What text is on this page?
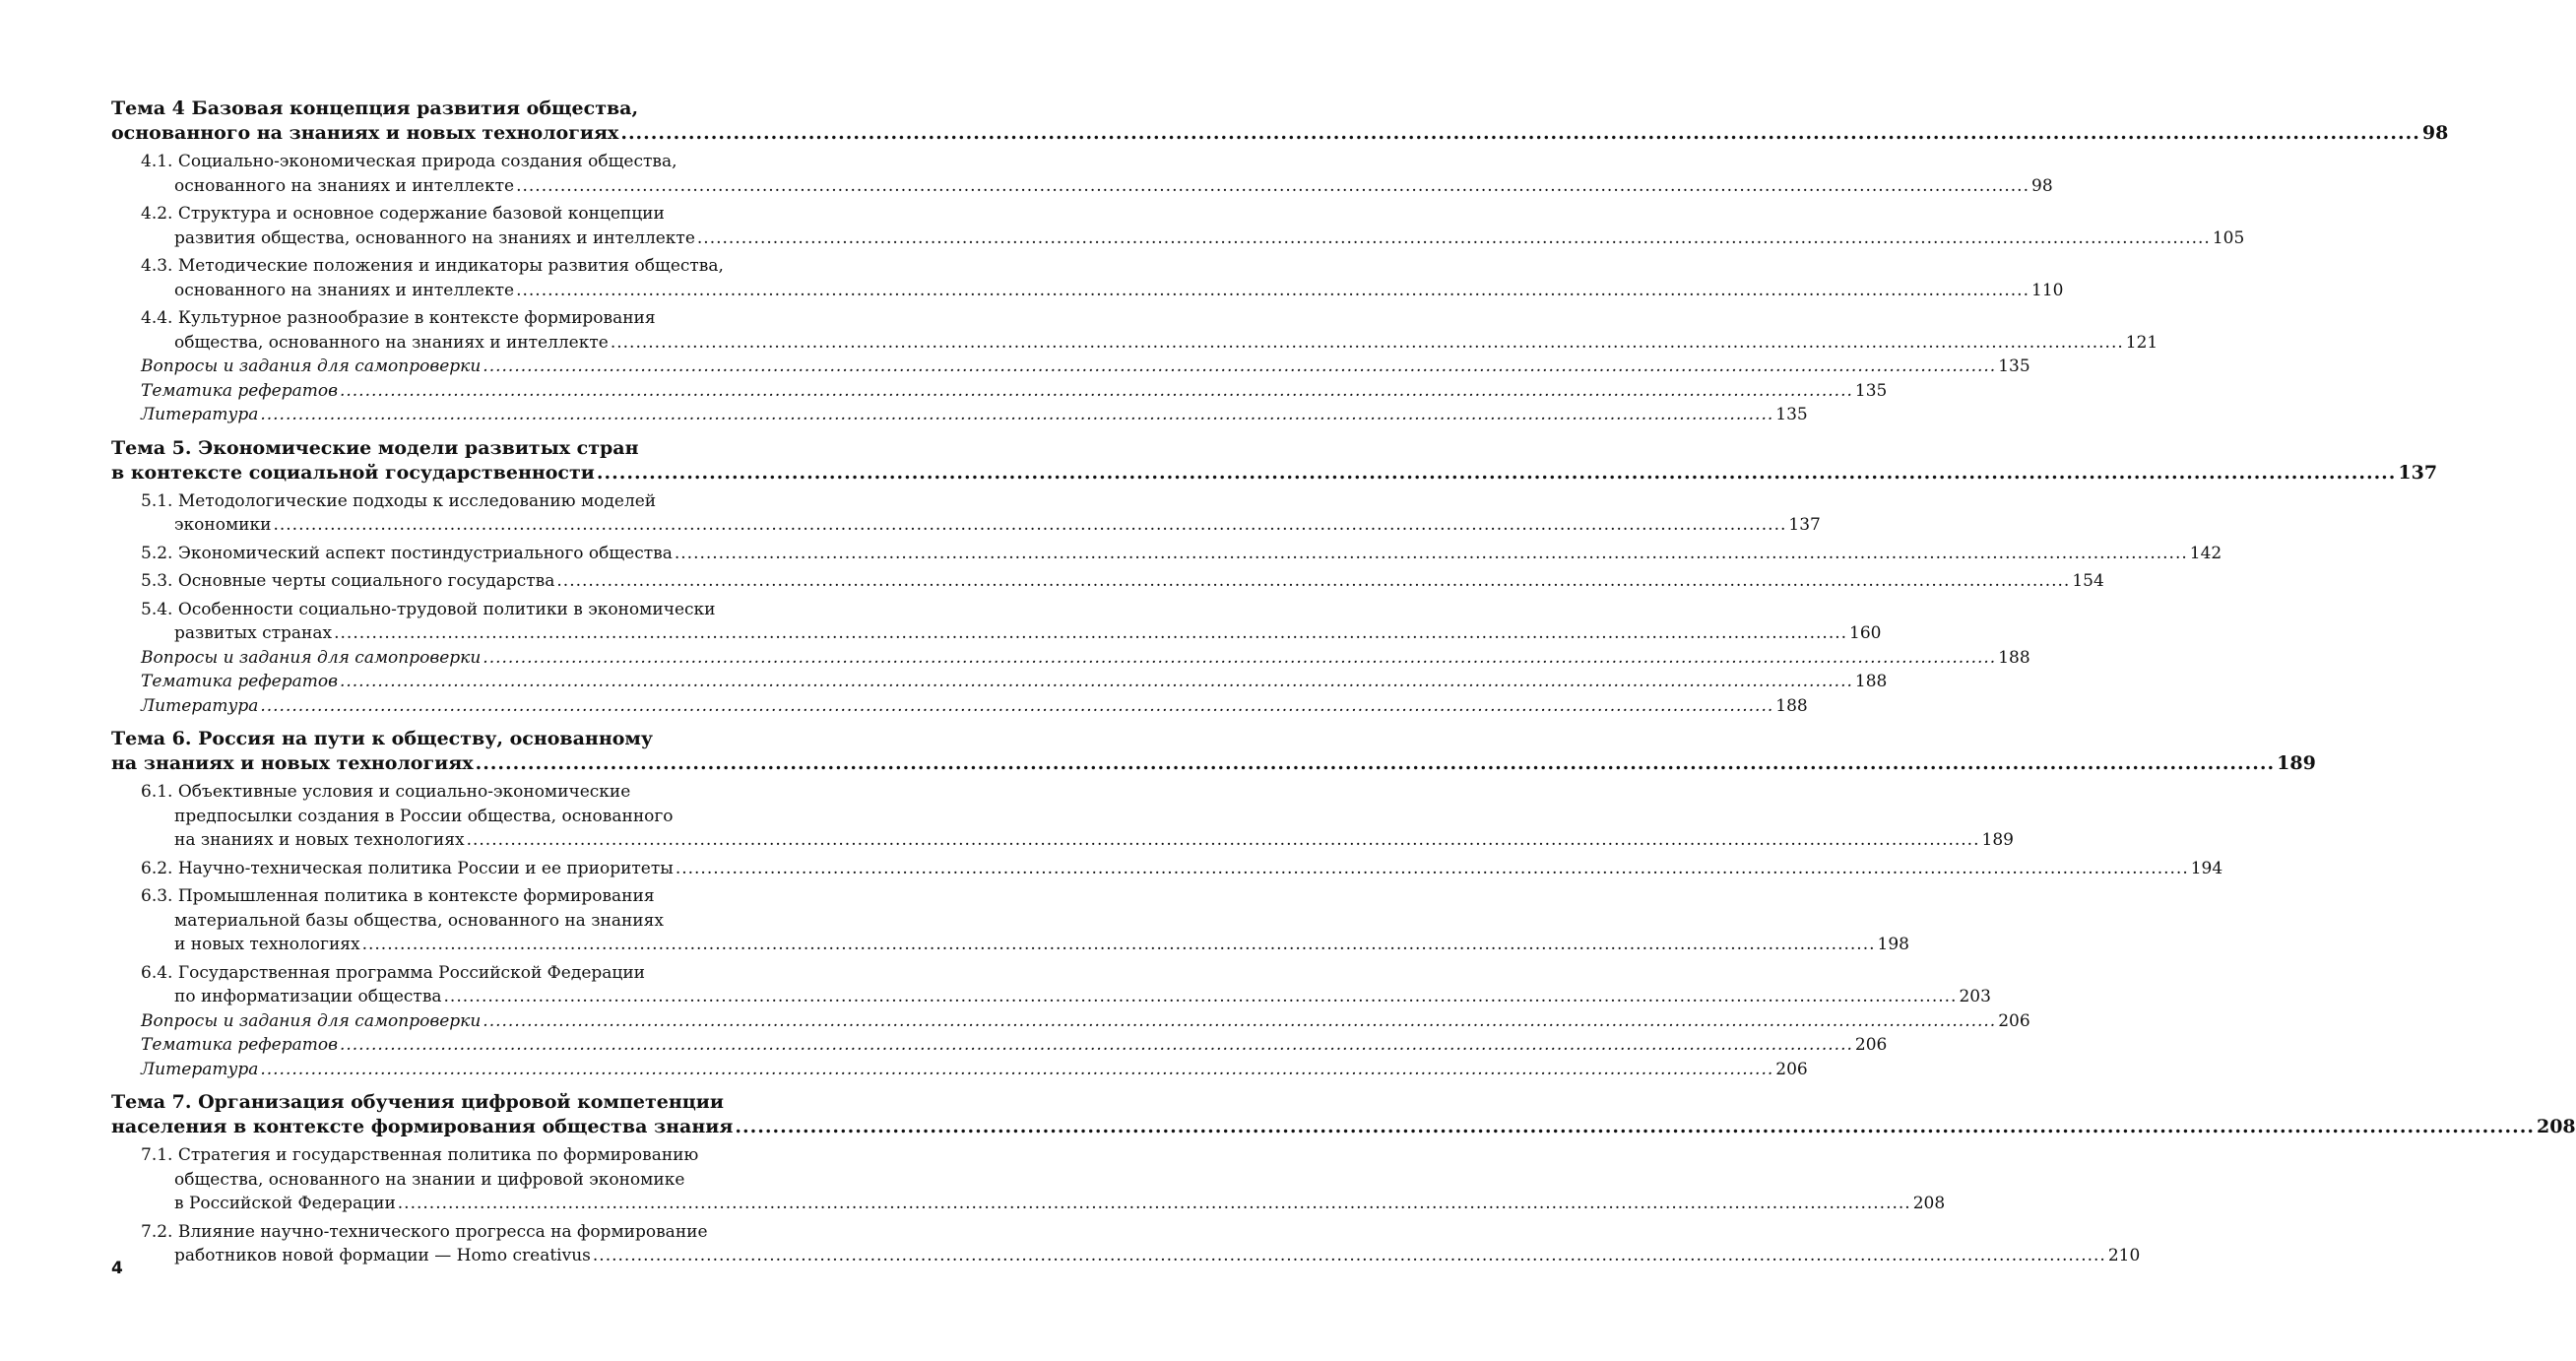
Тема 4 Базовая концепция развития общества,
основанного на знаниях и новых технологиях .....	98
4.1. Социально-экономическая природа создания общества,
основанного на знаниях и интеллекте .....	98
4.2. Структура и основное содержание базовой концепции
развития общества, основанного на знаниях и интеллекте .....	105
4.3. Методические положения и индикаторы развития общества,
основанного на знаниях и интеллекте .....	110
4.4. Культурное разнообразие в контексте формирования
общества, основанного на знаниях и интеллекте .....	121
Вопросы и задания для самопроверки .....	135
Тематика рефератов .....	135
Литература .....	135
Тема 5. Экономические модели развитых стран
в контексте социальной государственности .....	137
5.1. Методологические подходы к исследованию моделей
экономики .....	137
5.2. Экономический аспект постиндустриального общества .....	142
5.3. Основные черты социального государства .....	154
5.4. Особенности социально-трудовой политики в экономически
развитых странах .....	160
Вопросы и задания для самопроверки .....	188
Тематика рефератов .....	188
Литература .....	188
Тема 6. Россия на пути к обществу, основанному
на знаниях и новых технологиях .....	189
6.1. Объективные условия и социально-экономические
предпосылки создания в России общества, основанного
на знаниях и новых технологиях .....	189
6.2. Научно-техническая политика России и ее приоритеты .....	194
6.3. Промышленная политика в контексте формирования
материальной базы общества, основанного на знаниях
и новых технологиях .....	198
6.4. Государственная программа Российской Федерации
по информатизации общества .....	203
Вопросы и задания для самопроверки .....	206
Тематика рефератов .....	206
Литература .....	206
Тема 7. Организация обучения цифровой компетенции
населения в контексте формирования общества знания .....	208
7.1. Стратегия и государственная политика по формированию
общества, основанного на знании и цифровой экономике
в Российской Федерации .....	208
7.2. Влияние научно-технического прогресса на формирование
работников новой формации — Homo creativus .....	210
4
